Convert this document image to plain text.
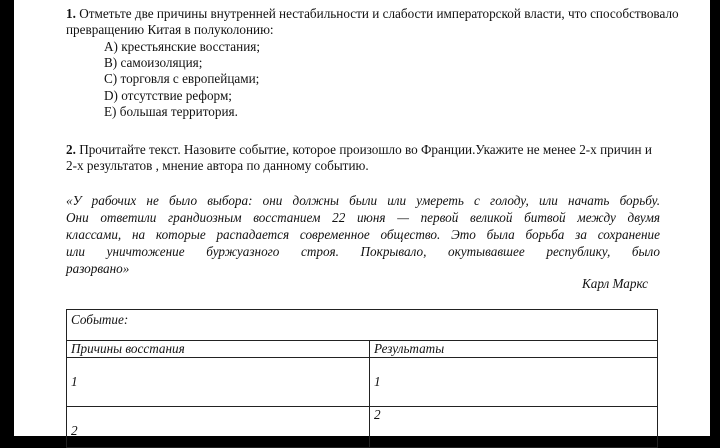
1. Отметьте две причины внутренней нестабильности и слабости императорской власти, что способствовало превращению Китая в полуколонию:
A) крестьянские восстания;
B) самоизоляция;
C) торговля с европейцами;
D) отсутствие реформ;
E) большая территория.
2. Прочитайте текст. Назовите событие, которое произошло во Франции.Укажите не менее 2-х причин и 2-х результатов , мнение автора по данному событию.
«У рабочих не было выбора: они должны были или умереть с голоду, или начать борьбу.
Они ответили грандиозным восстанием 22 июня — первой великой битвой между двумя
классами, на которые распадается современное общество. Это была борьба за сохранение
или уничтожение буржуазного строя. Покрывало, окутывавшее республику, было
разорвано»
Карл Маркс
Событие:	
Причины восстания	Результаты
1	1
2	2
